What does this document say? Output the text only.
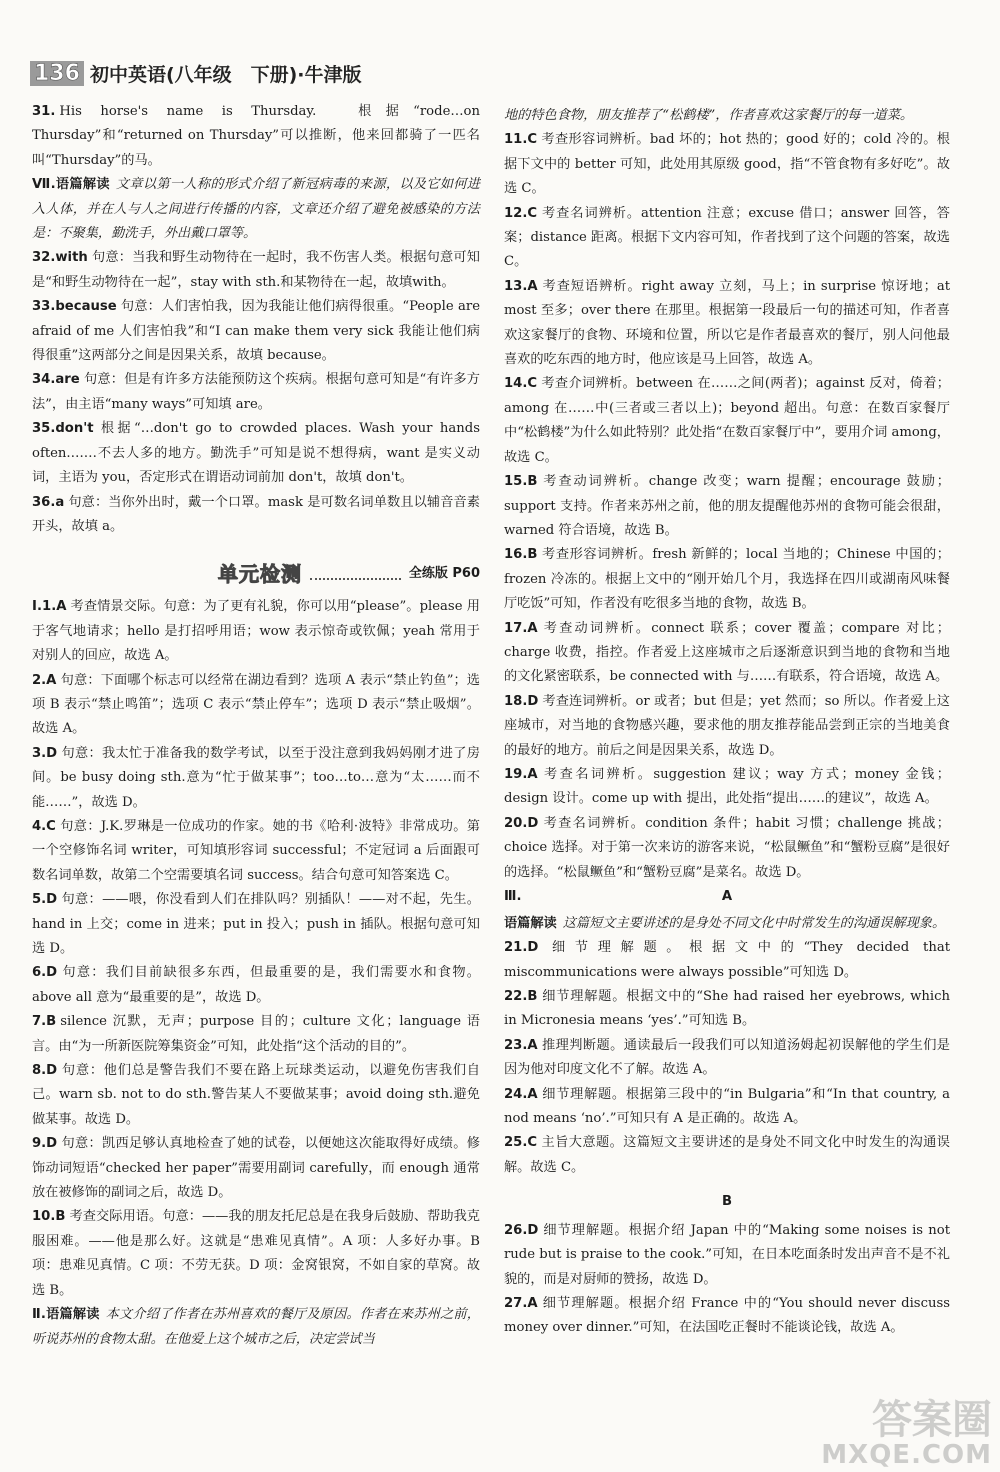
136 初中英语(八年级　下册)·牛津版
31. His horse's name is Thursday.　根据“rode…on Thursday”和“returned on Thursday”可以推断，他来回都骑了一匹名叫“Thursday”的马。
Ⅶ.语篇解读 文章以第一人称的形式介绍了新冠病毒的来源，以及它如何进入人体，并在人与人之间进行传播的内容，文章还介绍了避免被感染的方法是：不聚集，勤洗手，外出戴口罩等。
32.with 句意：当我和野生动物待在一起时，我不伤害人类。根据句意可知是“和野生动物待在一起”，stay with sth.和某物待在一起，故填with。
33.because 句意：人们害怕我，因为我能让他们病得很重。“People are afraid of me 人们害怕我”和“I can make them very sick 我能让他们病得很重”这两部分之间是因果关系，故填 because。
34.are 句意：但是有许多方法能预防这个疾病。根据句意可知是“有许多方法”，由主语“many ways”可知填 are。
35.don't 根据“…don't go to crowded places. Wash your hands often.……不去人多的地方。勤洗手”可知是说不想得病，want 是实义动词，主语为 you，否定形式在谓语动词前加 don't，故填 don't。
36.a 句意：当你外出时，戴一个口罩。mask 是可数名词单数且以辅音音素开头，故填 a。
单元检测	全练版 P60
Ⅰ.1.A 考查情景交际。句意：为了更有礼貌，你可以用“please”。please 用于客气地请求；hello 是打招呼用语；wow 表示惊奇或钦佩；yeah 常用于对别人的回应，故选 A。
2.A 句意：下面哪个标志可以经常在湖边看到？选项 A 表示“禁止钓鱼”；选项 B 表示“禁止鸣笛”；选项 C 表示“禁止停车”；选项 D 表示“禁止吸烟”。故选 A。
3.D 句意：我太忙于准备我的数学考试，以至于没注意到我妈妈刚才进了房间。be busy doing sth.意为“忙于做某事”；too…to…意为“太……而不能……”，故选 D。
4.C 句意：J.K.罗琳是一位成功的作家。她的书《哈利·波特》非常成功。第一个空修饰名词 writer，可知填形容词 successful；不定冠词 a 后面跟可数名词单数，故第二个空需要填名词 success。结合句意可知答案选 C。
5.D 句意：——喂，你没看到人们在排队吗？别插队！——对不起，先生。hand in 上交；come in 进来；put in 投入；push in 插队。根据句意可知选 D。
6.D 句意：我们目前缺很多东西，但最重要的是，我们需要水和食物。above all 意为“最重要的是”，故选 D。
7.B silence 沉默，无声；purpose 目的；culture 文化；language 语言。由“为一所新医院筹集资金”可知，此处指“这个活动的目的”。
8.D 句意：他们总是警告我们不要在路上玩球类运动，以避免伤害我们自己。warn sb. not to do sth.警告某人不要做某事；avoid doing sth.避免做某事。故选 D。
9.D 句意：凯西足够认真地检查了她的试卷，以便她这次能取得好成绩。修饰动词短语“checked her paper”需要用副词 carefully，而 enough 通常放在被修饰的副词之后，故选 D。
10.B 考查交际用语。句意：——我的朋友托尼总是在我身后鼓励、帮助我克服困难。——他是那么好。这就是“患难见真情”。A 项：人多好办事。B 项：患难见真情。C 项：不劳无获。D 项：金窝银窝，不如自家的草窝。故选 B。
Ⅱ.语篇解读 本文介绍了作者在苏州喜欢的餐厅及原因。作者在来苏州之前，听说苏州的食物太甜。在他爱上这个城市之后，决定尝试当
地的特色食物，朋友推荐了“松鹤楼”，作者喜欢这家餐厅的每一道菜。
11.C 考查形容词辨析。bad 坏的；hot 热的；good 好的；cold 冷的。根据下文中的 better 可知，此处用其原级 good，指“不管食物有多好吃”。故选 C。
12.C 考查名词辨析。attention 注意；excuse 借口；answer 回答，答案；distance 距离。根据下文内容可知，作者找到了这个问题的答案，故选 C。
13.A 考查短语辨析。right away 立刻，马上；in surprise 惊讶地；at most 至多；over there 在那里。根据第一段最后一句的描述可知，作者喜欢这家餐厅的食物、环境和位置，所以它是作者最喜欢的餐厅，别人问他最喜欢的吃东西的地方时，他应该是马上回答，故选 A。
14.C 考查介词辨析。between 在……之间(两者)；against 反对，倚着；among 在……中(三者或三者以上)；beyond 超出。句意：在数百家餐厅中“松鹤楼”为什么如此特别？此处指“在数百家餐厅中”，要用介词 among，故选 C。
15.B 考查动词辨析。change 改变；warn 提醒；encourage 鼓励；support 支持。作者来苏州之前，他的朋友提醒他苏州的食物可能会很甜，warned 符合语境，故选 B。
16.B 考查形容词辨析。fresh 新鲜的；local 当地的；Chinese 中国的；frozen 冷冻的。根据上文中的“刚开始几个月，我选择在四川或湖南风味餐厅吃饭”可知，作者没有吃很多当地的食物，故选 B。
17.A 考查动词辨析。connect 联系；cover 覆盖；compare 对比；charge 收费，指控。作者爱上这座城市之后逐渐意识到当地的食物和当地的文化紧密联系，be connected with 与……有联系，符合语境，故选 A。
18.D 考查连词辨析。or 或者；but 但是；yet 然而；so 所以。作者爱上这座城市，对当地的食物感兴趣，要求他的朋友推荐能品尝到正宗的当地美食的最好的地方。前后之间是因果关系，故选 D。
19.A 考查名词辨析。suggestion 建议；way 方式；money 金钱；design 设计。come up with 提出，此处指“提出……的建议”，故选 A。
20.D 考查名词辨析。condition 条件；habit 习惯；challenge 挑战；choice 选择。对于第一次来访的游客来说，“松鼠鳜鱼”和“蟹粉豆腐”是很好的选择。“松鼠鳜鱼”和“蟹粉豆腐”是菜名。故选 D。
Ⅲ.	A
语篇解读 这篇短文主要讲述的是身处不同文化中时常发生的沟通误解现象。
21.D 细节理解题。根据文中的“They decided that miscommunications were always possible”可知选 D。
22.B 细节理解题。根据文中的“She had raised her eyebrows, which in Micronesia means ‘yes’.”可知选 B。
23.A 推理判断题。通读最后一段我们可以知道汤姆起初误解他的学生们是因为他对印度文化不了解。故选 A。
24.A 细节理解题。根据第三段中的“in Bulgaria”和“In that country, a nod means ‘no’.”可知只有 A 是正确的。故选 A。
25.C 主旨大意题。这篇短文主要讲述的是身处不同文化中时发生的沟通误解。故选 C。
B
26.D 细节理解题。根据介绍 Japan 中的“Making some noises is not rude but is praise to the cook.”可知，在日本吃面条时发出声音不是不礼貌的，而是对厨师的赞扬，故选 D。
27.A 细节理解题。根据介绍 France 中的“You should never discuss money over dinner.”可知，在法国吃正餐时不能谈论钱，故选 A。
答案圈
MXQE.COM
